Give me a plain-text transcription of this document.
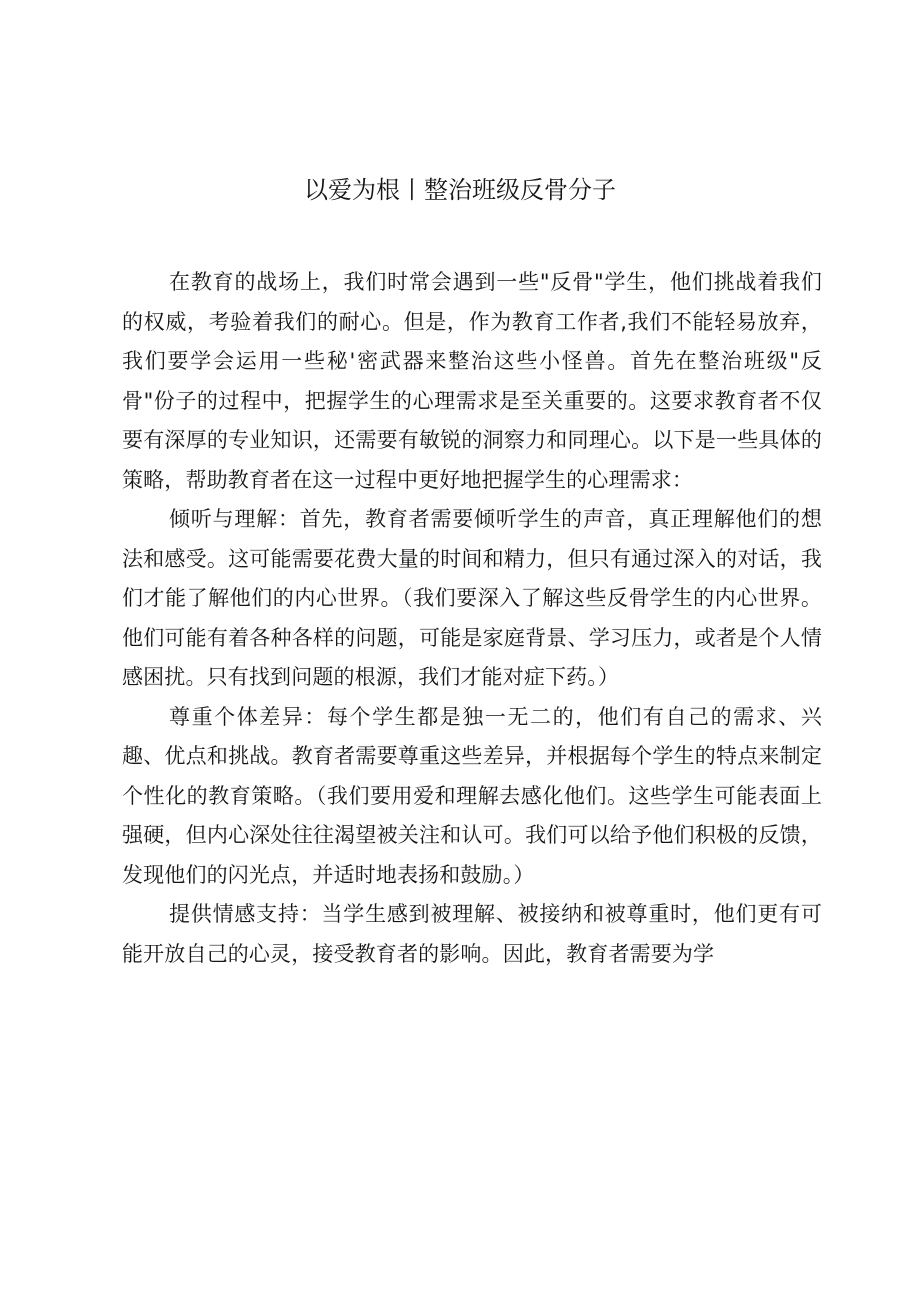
以爱为根丨整治班级反骨分子

在教育的战场上，我们时常会遇到一些"反骨"学生，他们挑战着我们的权威，考验着我们的耐心。但是，作为教育工作者,我们不能轻易放弃，我们要学会运用一些秘'密武器来整治这些小怪兽。首先在整治班级"反骨"份子的过程中，把握学生的心理需求是至关重要的。这要求教育者不仅要有深厚的专业知识，还需要有敏锐的洞察力和同理心。以下是一些具体的策略，帮助教育者在这一过程中更好地把握学生的心理需求：

倾听与理解：首先，教育者需要倾听学生的声音，真正理解他们的想法和感受。这可能需要花费大量的时间和精力，但只有通过深入的对话，我们才能了解他们的内心世界。（我们要深入了解这些反骨学生的内心世界。他们可能有着各种各样的问题，可能是家庭背景、学习压力，或者是个人情感困扰。只有找到问题的根源，我们才能对症下药。）

尊重个体差异：每个学生都是独一无二的，他们有自己的需求、兴趣、优点和挑战。教育者需要尊重这些差异，并根据每个学生的特点来制定个性化的教育策略。（我们要用爱和理解去感化他们。这些学生可能表面上强硬，但内心深处往往渴望被关注和认可。我们可以给予他们积极的反馈，发现他们的闪光点，并适时地表扬和鼓励。）

提供情感支持：当学生感到被理解、被接纳和被尊重时，他们更有可能开放自己的心灵，接受教育者的影响。因此，教育者需要为学
